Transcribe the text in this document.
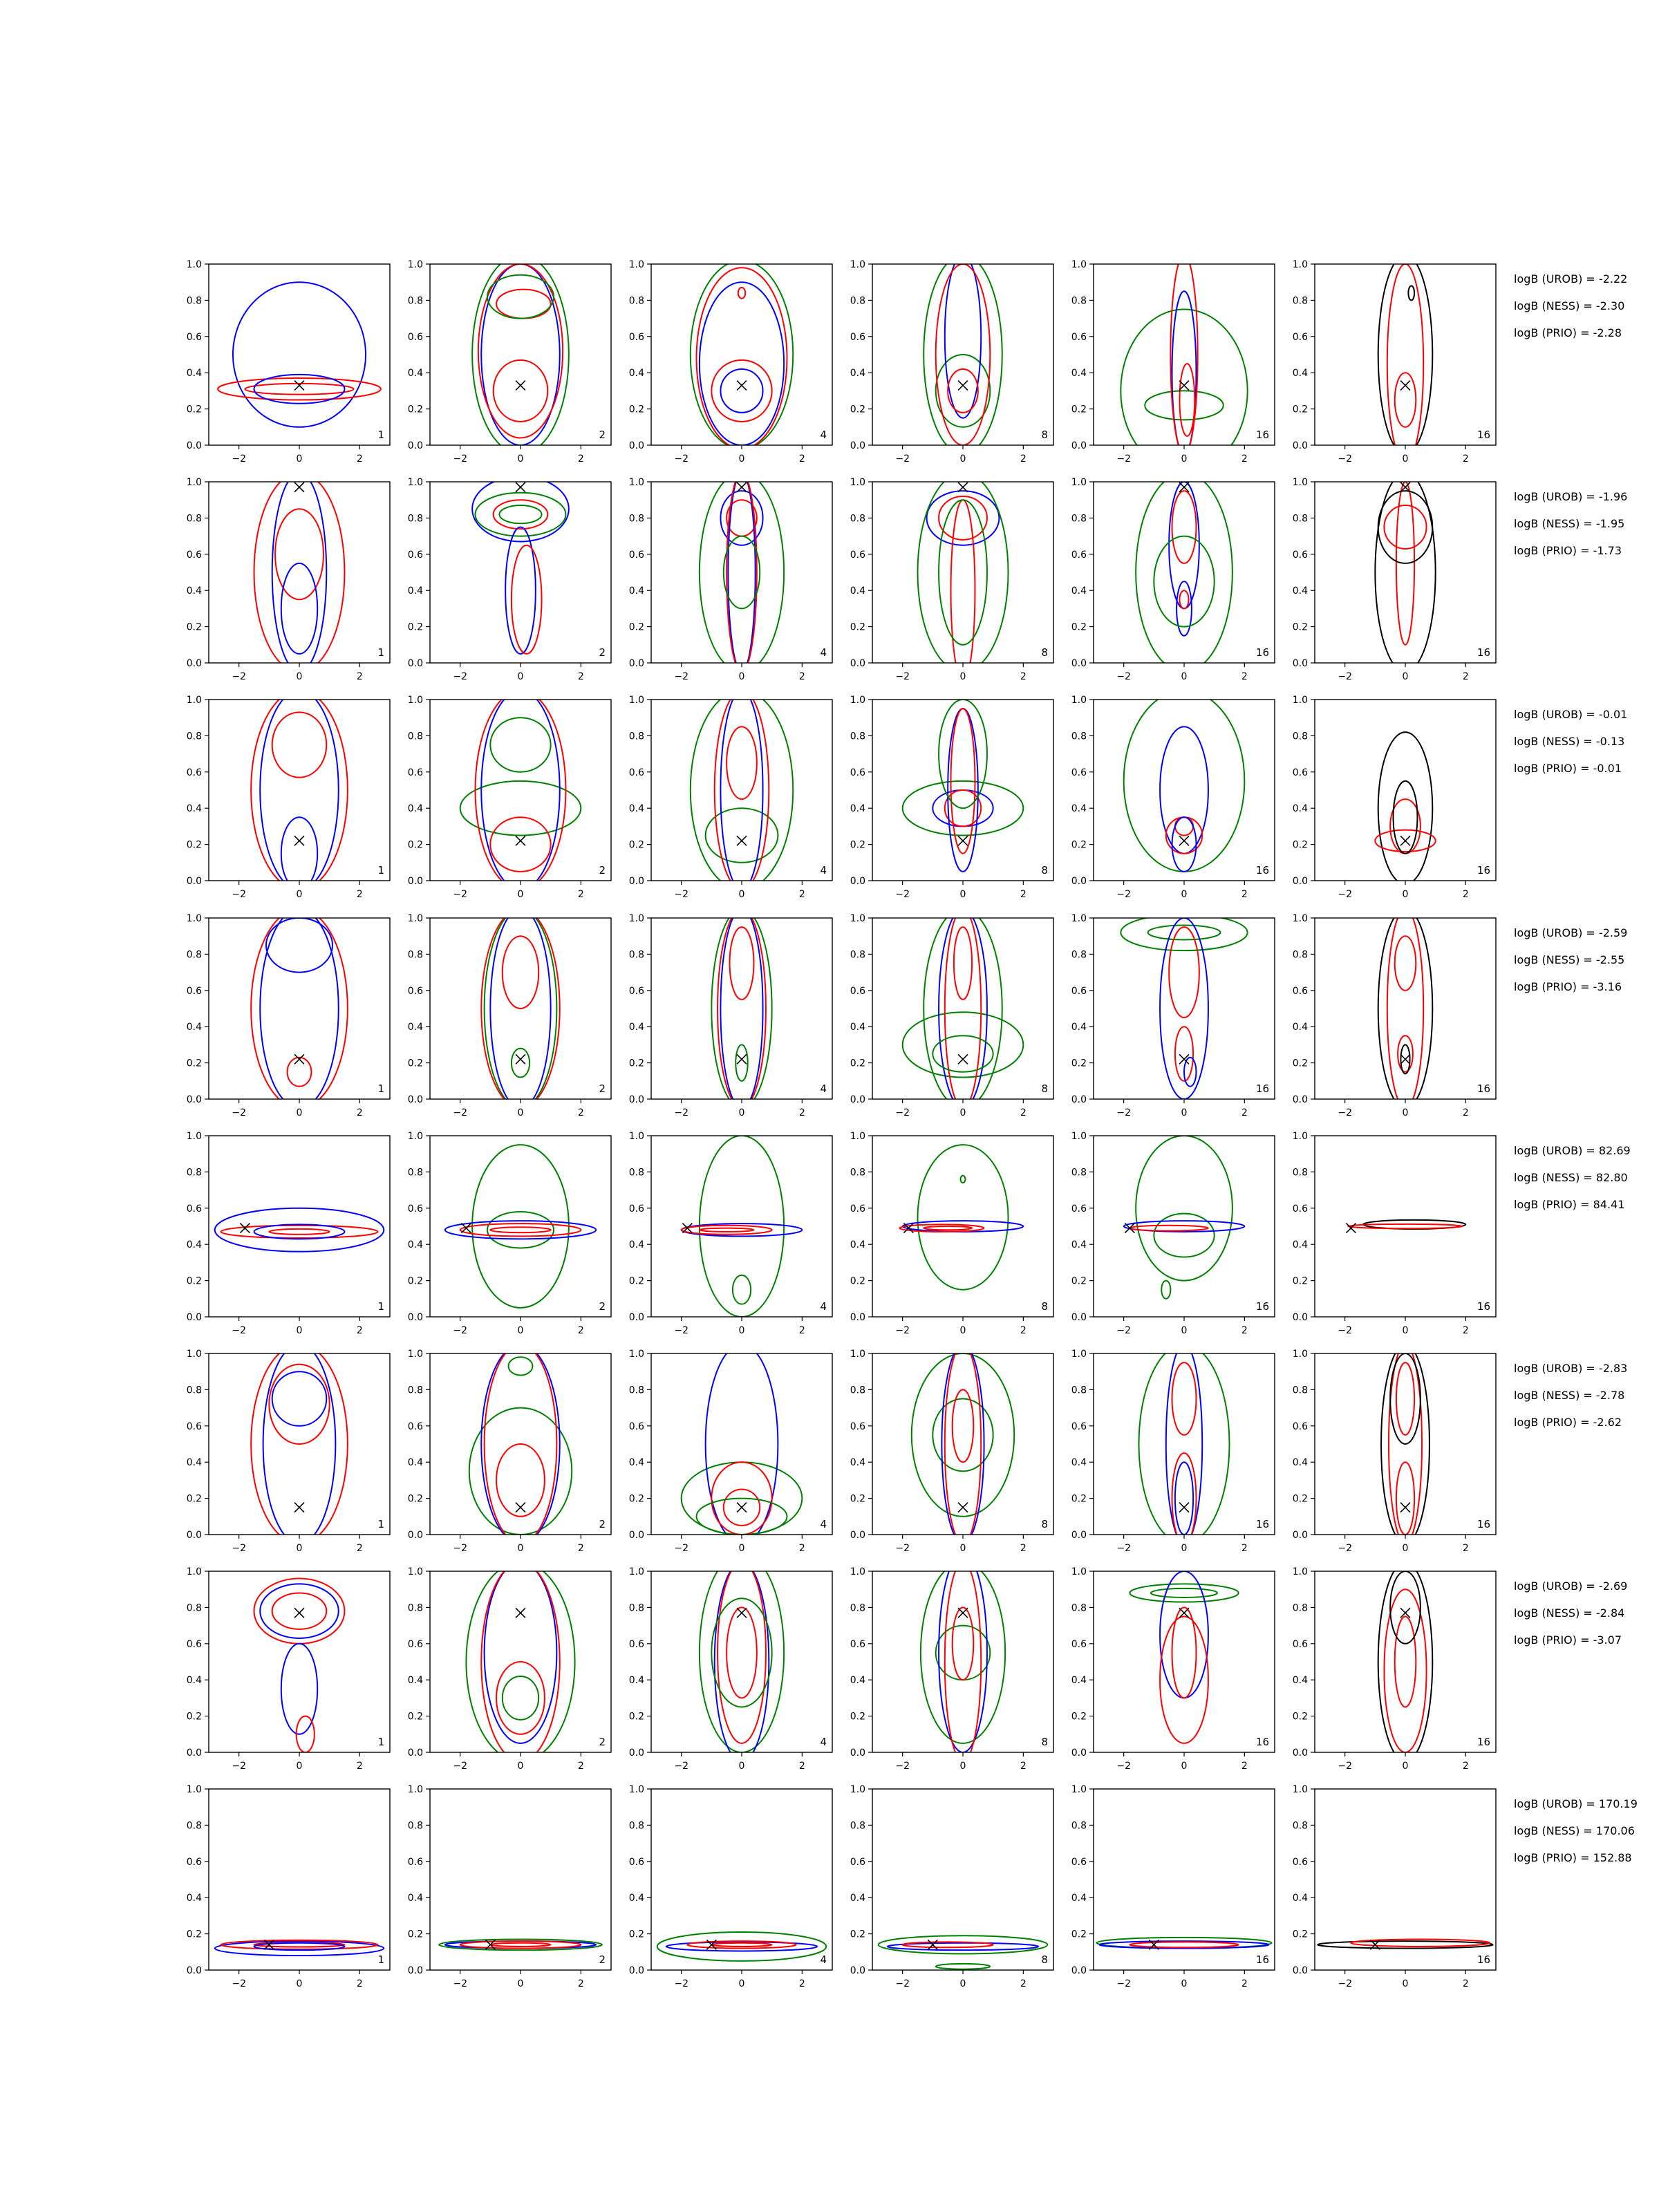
0.0
0.2
0.4
0.6
0.8
1.0
−2	0	2
1
0.0
0.2
0.4
0.6
0.8
1.0
−2	0	2
2
0.0
0.2
0.4
0.6
0.8
1.0
−2	0	2
4
0.0
0.2
0.4
0.6
0.8
1.0
−2	0	2
8
0.0
0.2
0.4
0.6
0.8
1.0
−2	0	2
16
0.0
0.2
0.4
0.6
0.8
1.0
−2	0	2
16
0.0
0.2
0.4
0.6
0.8
1.0
−2	0	2
1
0.0
0.2
0.4
0.6
0.8
1.0
−2	0	2
2
0.0
0.2
0.4
0.6
0.8
1.0
−2	0	2
4
0.0
0.2
0.4
0.6
0.8
1.0
−2	0	2
8
0.0
0.2
0.4
0.6
0.8
1.0
−2	0	2
16
0.0
0.2
0.4
0.6
0.8
1.0
−2	0	2
16
0.0
0.2
0.4
0.6
0.8
1.0
−2	0	2
1
0.0
0.2
0.4
0.6
0.8
1.0
−2	0	2
2
0.0
0.2
0.4
0.6
0.8
1.0
−2	0	2
4
0.0
0.2
0.4
0.6
0.8
1.0
−2	0	2
8
0.0
0.2
0.4
0.6
0.8
1.0
−2	0	2
16
0.0
0.2
0.4
0.6
0.8
1.0
−2	0	2
16
0.0
0.2
0.4
0.6
0.8
1.0
−2	0	2
1
0.0
0.2
0.4
0.6
0.8
1.0
−2	0	2
2
0.0
0.2
0.4
0.6
0.8
1.0
−2	0	2
4
0.0
0.2
0.4
0.6
0.8
1.0
−2	0	2
8
0.0
0.2
0.4
0.6
0.8
1.0
−2	0	2
16
0.0
0.2
0.4
0.6
0.8
1.0
−2	0	2
16
0.0
0.2
0.4
0.6
0.8
1.0
−2	0	2
1
0.0
0.2
0.4
0.6
0.8
1.0
−2	0	2
2
0.0
0.2
0.4
0.6
0.8
1.0
−2	0	2
4
0.0
0.2
0.4
0.6
0.8
1.0
−2	0	2
8
0.0
0.2
0.4
0.6
0.8
1.0
−2	0	2
16
0.0
0.2
0.4
0.6
0.8
1.0
−2	0	2
16
0.0
0.2
0.4
0.6
0.8
1.0
−2	0	2
1
0.0
0.2
0.4
0.6
0.8
1.0
−2	0	2
2
0.0
0.2
0.4
0.6
0.8
1.0
−2	0	2
4
0.0
0.2
0.4
0.6
0.8
1.0
−2	0	2
8
0.0
0.2
0.4
0.6
0.8
1.0
−2	0	2
16
0.0
0.2
0.4
0.6
0.8
1.0
−2	0	2
16
0.0
0.2
0.4
0.6
0.8
1.0
−2	0	2
1
0.0
0.2
0.4
0.6
0.8
1.0
−2	0	2
2
0.0
0.2
0.4
0.6
0.8
1.0
−2	0	2
4
0.0
0.2
0.4
0.6
0.8
1.0
−2	0	2
8
0.0
0.2
0.4
0.6
0.8
1.0
−2	0	2
16
0.0
0.2
0.4
0.6
0.8
1.0
−2	0	2
16
0.0
0.2
0.4
0.6
0.8
1.0
−2	0	2
1
0.0
0.2
0.4
0.6
0.8
1.0
−2	0	2
2
0.0
0.2
0.4
0.6
0.8
1.0
−2	0	2
4
0.0
0.2
0.4
0.6
0.8
1.0
−2	0	2
8
0.0
0.2
0.4
0.6
0.8
1.0
−2	0	2
16
0.0
0.2
0.4
0.6
0.8
1.0
−2	0	2
16
logB (UROB) = -2.22
logB (NESS) = -2.30
logB (PRIO) = -2.28
logB (UROB) = -1.96
logB (NESS) = -1.95
logB (PRIO) = -1.73
logB (UROB) = -0.01
logB (NESS) = -0.13
logB (PRIO) = -0.01
logB (UROB) = -2.59
logB (NESS) = -2.55
logB (PRIO) = -3.16
logB (UROB) = 82.69
logB (NESS) = 82.80
logB (PRIO) = 84.41
logB (UROB) = -2.83
logB (NESS) = -2.78
logB (PRIO) = -2.62
logB (UROB) = -2.69
logB (NESS) = -2.84
logB (PRIO) = -3.07
logB (UROB) = 170.19
logB (NESS) = 170.06
logB (PRIO) = 152.88
